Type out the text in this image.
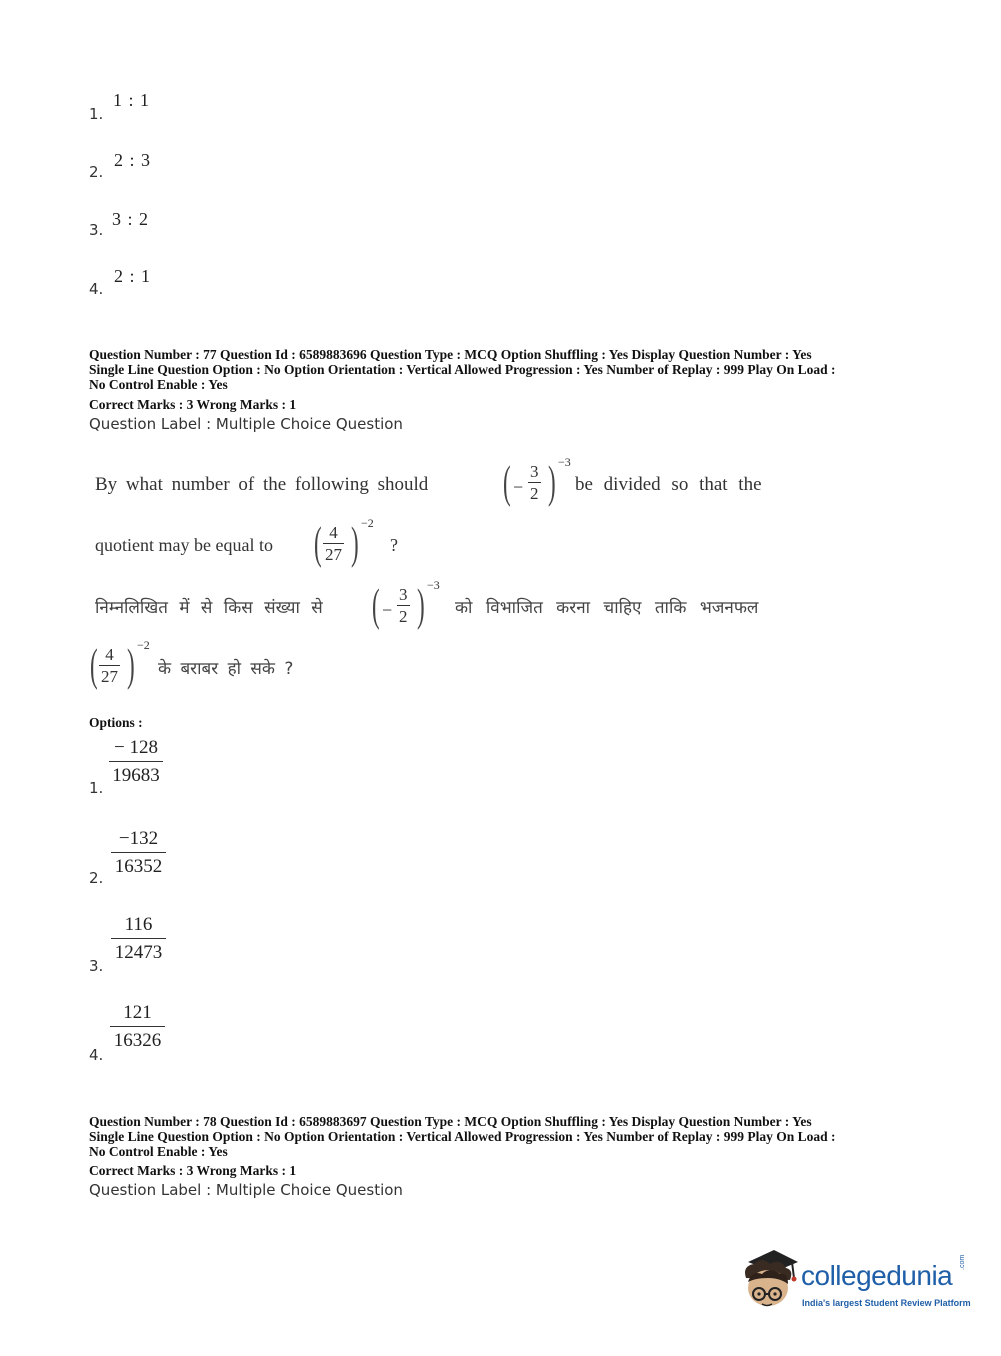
1.
1 : 1
2.
2 : 3
3.
3 : 2
4.
2 : 1
Question Number : 77 Question Id : 6589883696 Question Type : MCQ Option Shuffling : Yes Display Question Number : Yes
Single Line Question Option : No Option Orientation : Vertical Allowed Progression : Yes Number of Replay : 999 Play On Load :
No Control Enable : Yes
Correct Marks : 3 Wrong Marks : 1
Question Label : Multiple Choice Question
By what number of the following should ( − $\frac{3}{2}$ ) −3
be divided so that the
quotient may be equal to ( $\frac{4}{27}$ ) −2
?
निम्नलिखित में से किस संख्या से ( − $\frac{3}{2}$ ) −3
को विभाजित करना चाहिए ताकि भजनफल
( $\frac{4}{27}$ ) −2
के बराबर हो सके ?
Options :
$\frac{- 128}{19683}$
1.
$\frac{-132}{16352}$
2.
$\frac{116}{12473}$
3.
$\frac{121}{16326}$
4.
Question Number : 78 Question Id : 6589883697 Question Type : MCQ Option Shuffling : Yes Display Question Number : Yes
Single Line Question Option : No Option Orientation : Vertical Allowed Progression : Yes Number of Replay : 999 Play On Load :
No Control Enable : Yes
Correct Marks : 3 Wrong Marks : 1
Question Label : Multiple Choice Question
collegedunia .com
India's largest Student Review Platform
